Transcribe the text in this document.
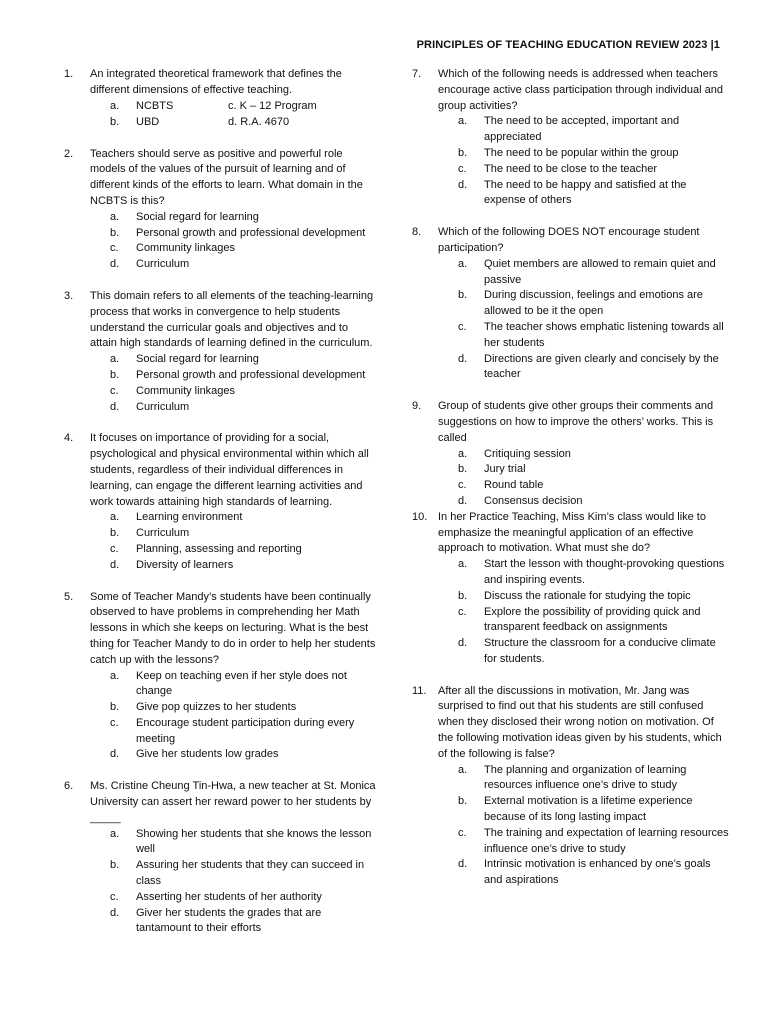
PRINCIPLES OF TEACHING EDUCATION REVIEW 2023 |1
1. An integrated theoretical framework that defines the different dimensions of effective teaching.
a. NCBTS	c. K – 12 Program
b. UBD	d. R.A. 4670
2. Teachers should serve as positive and powerful role models of the values of the pursuit of learning and of different kinds of the efforts to learn. What domain in the NCBTS is this?
a. Social regard for learning
b. Personal growth and professional development
c. Community linkages
d. Curriculum
3. This domain refers to all elements of the teaching-learning process that works in convergence to help students understand the curricular goals and objectives and to attain high standards of learning defined in the curriculum.
a. Social regard for learning
b. Personal growth and professional development
c. Community linkages
d. Curriculum
4. It focuses on importance of providing for a social, psychological and physical environmental within which all students, regardless of their individual differences in learning, can engage the different learning activities and work towards attaining high standards of learning.
a. Learning environment
b. Curriculum
c. Planning, assessing and reporting
d. Diversity of learners
5. Some of Teacher Mandy’s students have been continually observed to have problems in comprehending her Math lessons in which she keeps on lecturing. What is the best thing for Teacher Mandy to do in order to help her students catch up with the lessons?
a. Keep on teaching even if her style does not change
b. Give pop quizzes to her students
c. Encourage student participation during every meeting
d. Give her students low grades
6. Ms. Cristine Cheung Tin-Hwa, a new teacher at St. Monica University can assert her reward power to her students by _____
a. Showing her students that she knows the lesson well
b. Assuring her students that they can succeed in class
c. Asserting her students of her authority
d. Giver her students the grades that are tantamount to their efforts
7. Which of the following needs is addressed when teachers encourage active class participation through individual and group activities?
a. The need to be accepted, important and appreciated
b. The need to be popular within the group
c. The need to be close to the teacher
d. The need to be happy and satisfied at the expense of others
8. Which of the following DOES NOT encourage student participation?
a. Quiet members are allowed to remain quiet and passive
b. During discussion, feelings and emotions are allowed to be it the open
c. The teacher shows emphatic listening towards all her students
d. Directions are given clearly and concisely by the teacher
9. Group of students give other groups their comments and suggestions on how to improve the others’ works. This is called
a. Critiquing session
b. Jury trial
c. Round table
d. Consensus decision
10. In her Practice Teaching, Miss Kim’s class would like to emphasize the meaningful application of an effective approach to motivation. What must she do?
a. Start the lesson with thought-provoking questions and inspiring events.
b. Discuss the rationale for studying the topic
c. Explore the possibility of providing quick and transparent feedback on assignments
d. Structure the classroom for a conducive climate for students.
11. After all the discussions in motivation, Mr. Jang was surprised to find out that his students are still confused when they disclosed their wrong notion on motivation. Of the following motivation ideas given by his students, which of the following is false?
a. The planning and organization of learning resources influence one’s drive to study
b. External motivation is a lifetime experience because of its long lasting impact
c. The training and expectation of learning resources influence one’s drive to study
d. Intrinsic motivation is enhanced by one’s goals and aspirations
